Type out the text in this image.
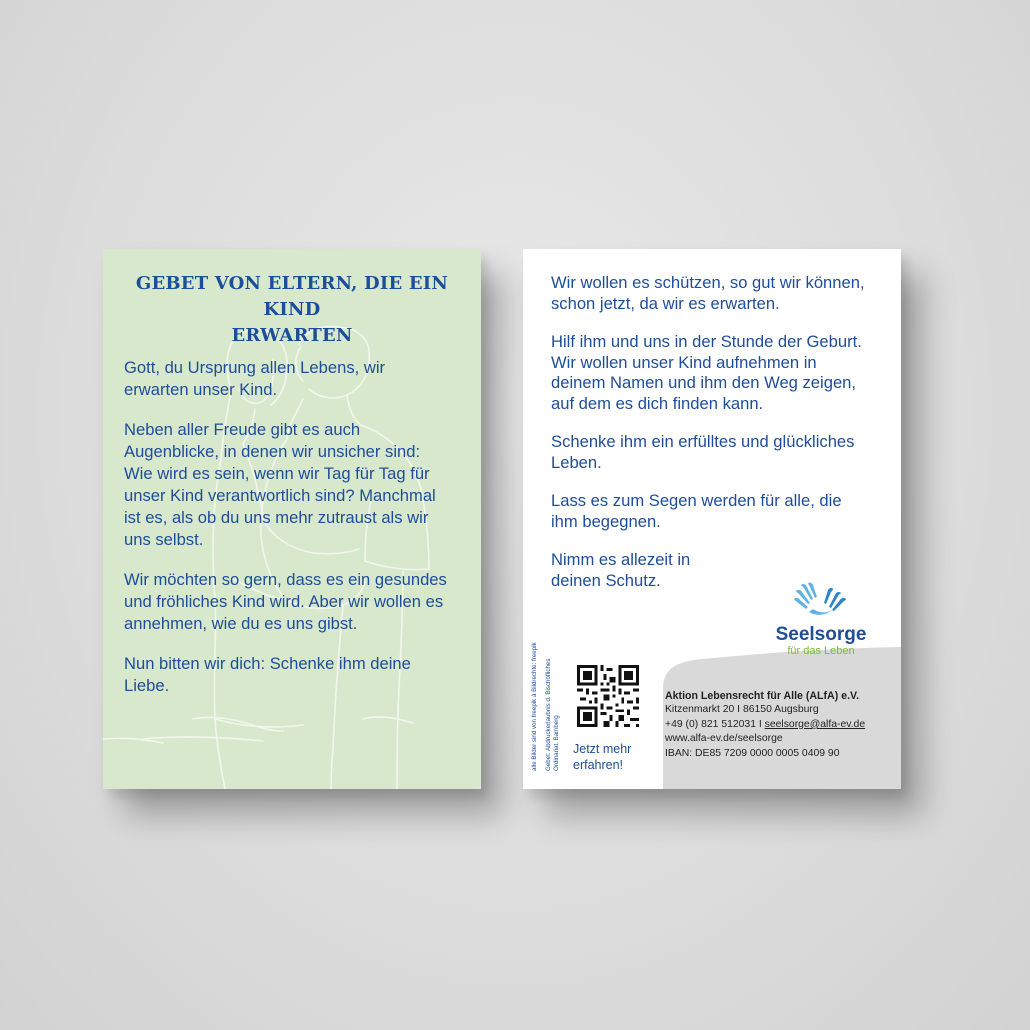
GEBET VON ELTERN, DIE EIN KIND
ERWARTEN

Gott, du Ursprung allen Lebens, wir
erwarten unser Kind.

Neben aller Freude gibt es auch
Augenblicke, in denen wir unsicher sind:
Wie wird es sein, wenn wir Tag für Tag für
unser Kind verantwortlich sind? Manchmal
ist es, als ob du uns mehr zutraust als wir
uns selbst.

Wir möchten so gern, dass es ein gesundes
und fröhliches Kind wird. Aber wir wollen es
annehmen, wie du es uns gibst.

Nun bitten wir dich: Schenke ihm deine
Liebe.

Wir wollen es schützen, so gut wir können,
schon jetzt, da wir es erwarten.

Hilf ihm und uns in der Stunde der Geburt.
Wir wollen unser Kind aufnehmen in
deinem Namen und ihm den Weg zeigen,
auf dem es dich finden kann.

Schenke ihm ein erfülltes und glückliches
Leben.

Lass es zum Segen werden für alle, die
ihm begegnen.

Nimm es allezeit in
deinen Schutz.

Seelsorge
für das Leben
alle Bilder sind von freepik à Bildrechte: freepik Gebet: Abdruckerlaubnis d. Bischöfliches Ordinariat, Bamberg Jetzt mehr
erfahren!
Aktion Lebensrecht für Alle (ALfA) e.V.
Kitzenmarkt 20 I 86150 Augsburg
+49 (0) 821 512031 I seelsorge@alfa-ev.de
www.alfa-ev.de/seelsorge
IBAN: DE85 7209 0000 0005 0409 90
